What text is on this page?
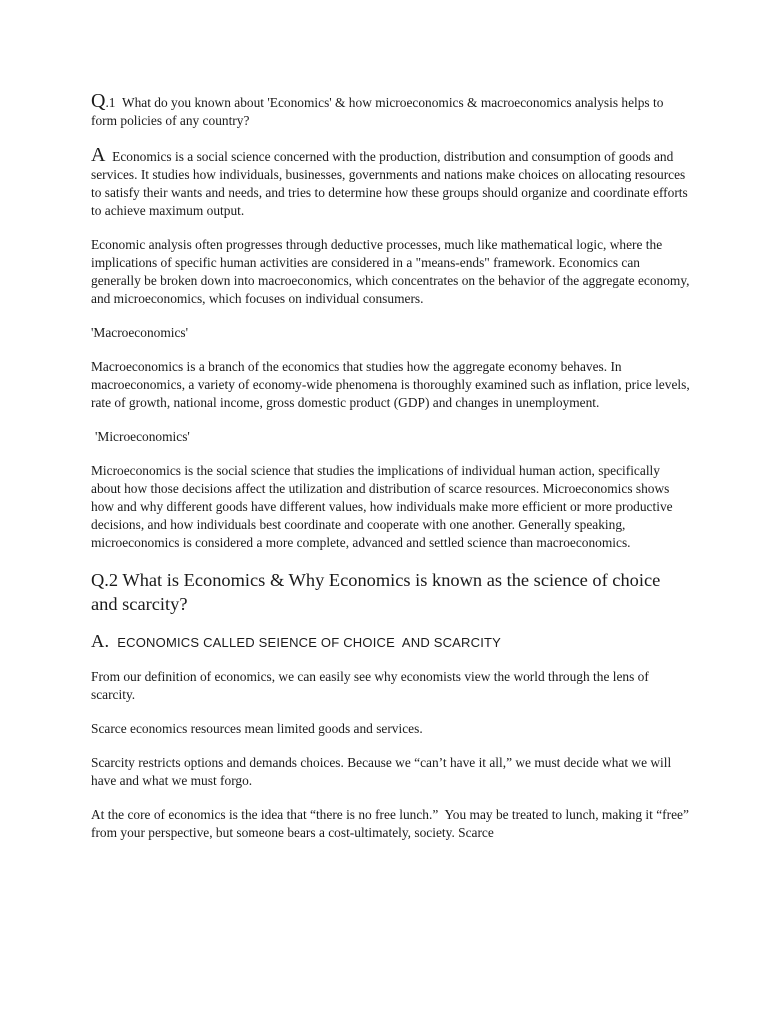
Q.1  What do you known about 'Economics' & how microeconomics & macroeconomics analysis helps to form policies of any country?

A  Economics is a social science concerned with the production, distribution and consumption of goods and services. It studies how individuals, businesses, governments and nations make choices on allocating resources to satisfy their wants and needs, and tries to determine how these groups should organize and coordinate efforts to achieve maximum output.

Economic analysis often progresses through deductive processes, much like mathematical logic, where the implications of specific human activities are considered in a "means-ends" framework. Economics can generally be broken down into macroeconomics, which concentrates on the behavior of the aggregate economy, and microeconomics, which focuses on individual consumers.

'Macroeconomics'

Macroeconomics is a branch of the economics that studies how the aggregate economy behaves. In macroeconomics, a variety of economy-wide phenomena is thoroughly examined such as inflation, price levels, rate of growth, national income, gross domestic product (GDP) and changes in unemployment.

'Microeconomics'

Microeconomics is the social science that studies the implications of individual human action, specifically about how those decisions affect the utilization and distribution of scarce resources. Microeconomics shows how and why different goods have different values, how individuals make more efficient or more productive decisions, and how individuals best coordinate and cooperate with one another. Generally speaking, microeconomics is considered a more complete, advanced and settled science than macroeconomics.

Q.2 What is Economics & Why Economics is known as the science of choice and scarcity?

A. ECONOMICS CALLED SEIENCE OF CHOICE  AND SCARCITY

From our definition of economics, we can easily see why economists view the world through the lens of scarcity.

Scarce economics resources mean limited goods and services.

Scarcity restricts options and demands choices. Because we “can’t have it all,” we must decide what we will have and what we must forgo.

At the core of economics is the idea that “there is no free lunch.”  You may be treated to lunch, making it “free” from your perspective, but someone bears a cost-ultimately, society. Scarce
